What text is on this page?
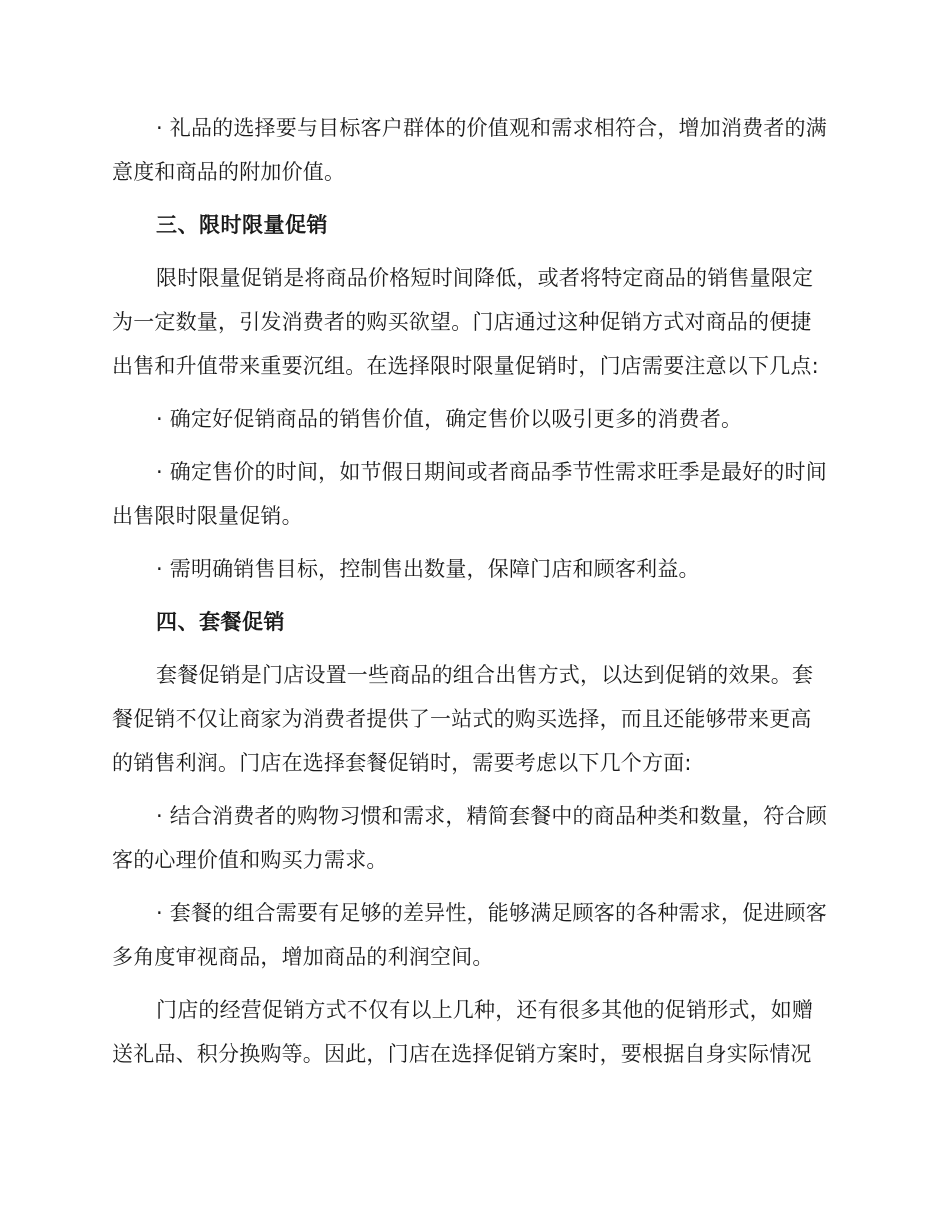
· 礼品的选择要与目标客户群体的价值观和需求相符合，增加消费者的满意度和商品的附加价值。

三、限时限量促销

限时限量促销是将商品价格短时间降低，或者将特定商品的销售量限定为一定数量，引发消费者的购买欲望。门店通过这种促销方式对商品的便捷出售和升值带来重要沉组。在选择限时限量促销时，门店需要注意以下几点:

· 确定好促销商品的销售价值，确定售价以吸引更多的消费者。

· 确定售价的时间，如节假日期间或者商品季节性需求旺季是最好的时间出售限时限量促销。

· 需明确销售目标，控制售出数量，保障门店和顾客利益。

四、套餐促销

套餐促销是门店设置一些商品的组合出售方式，以达到促销的效果。套餐促销不仅让商家为消费者提供了一站式的购买选择，而且还能够带来更高的销售利润。门店在选择套餐促销时，需要考虑以下几个方面:

· 结合消费者的购物习惯和需求，精简套餐中的商品种类和数量，符合顾客的心理价值和购买力需求。

· 套餐的组合需要有足够的差异性，能够满足顾客的各种需求，促进顾客多角度审视商品，增加商品的利润空间。

门店的经营促销方式不仅有以上几种，还有很多其他的促销形式，如赠送礼品、积分换购等。因此，门店在选择促销方案时，要根据自身实际情况
